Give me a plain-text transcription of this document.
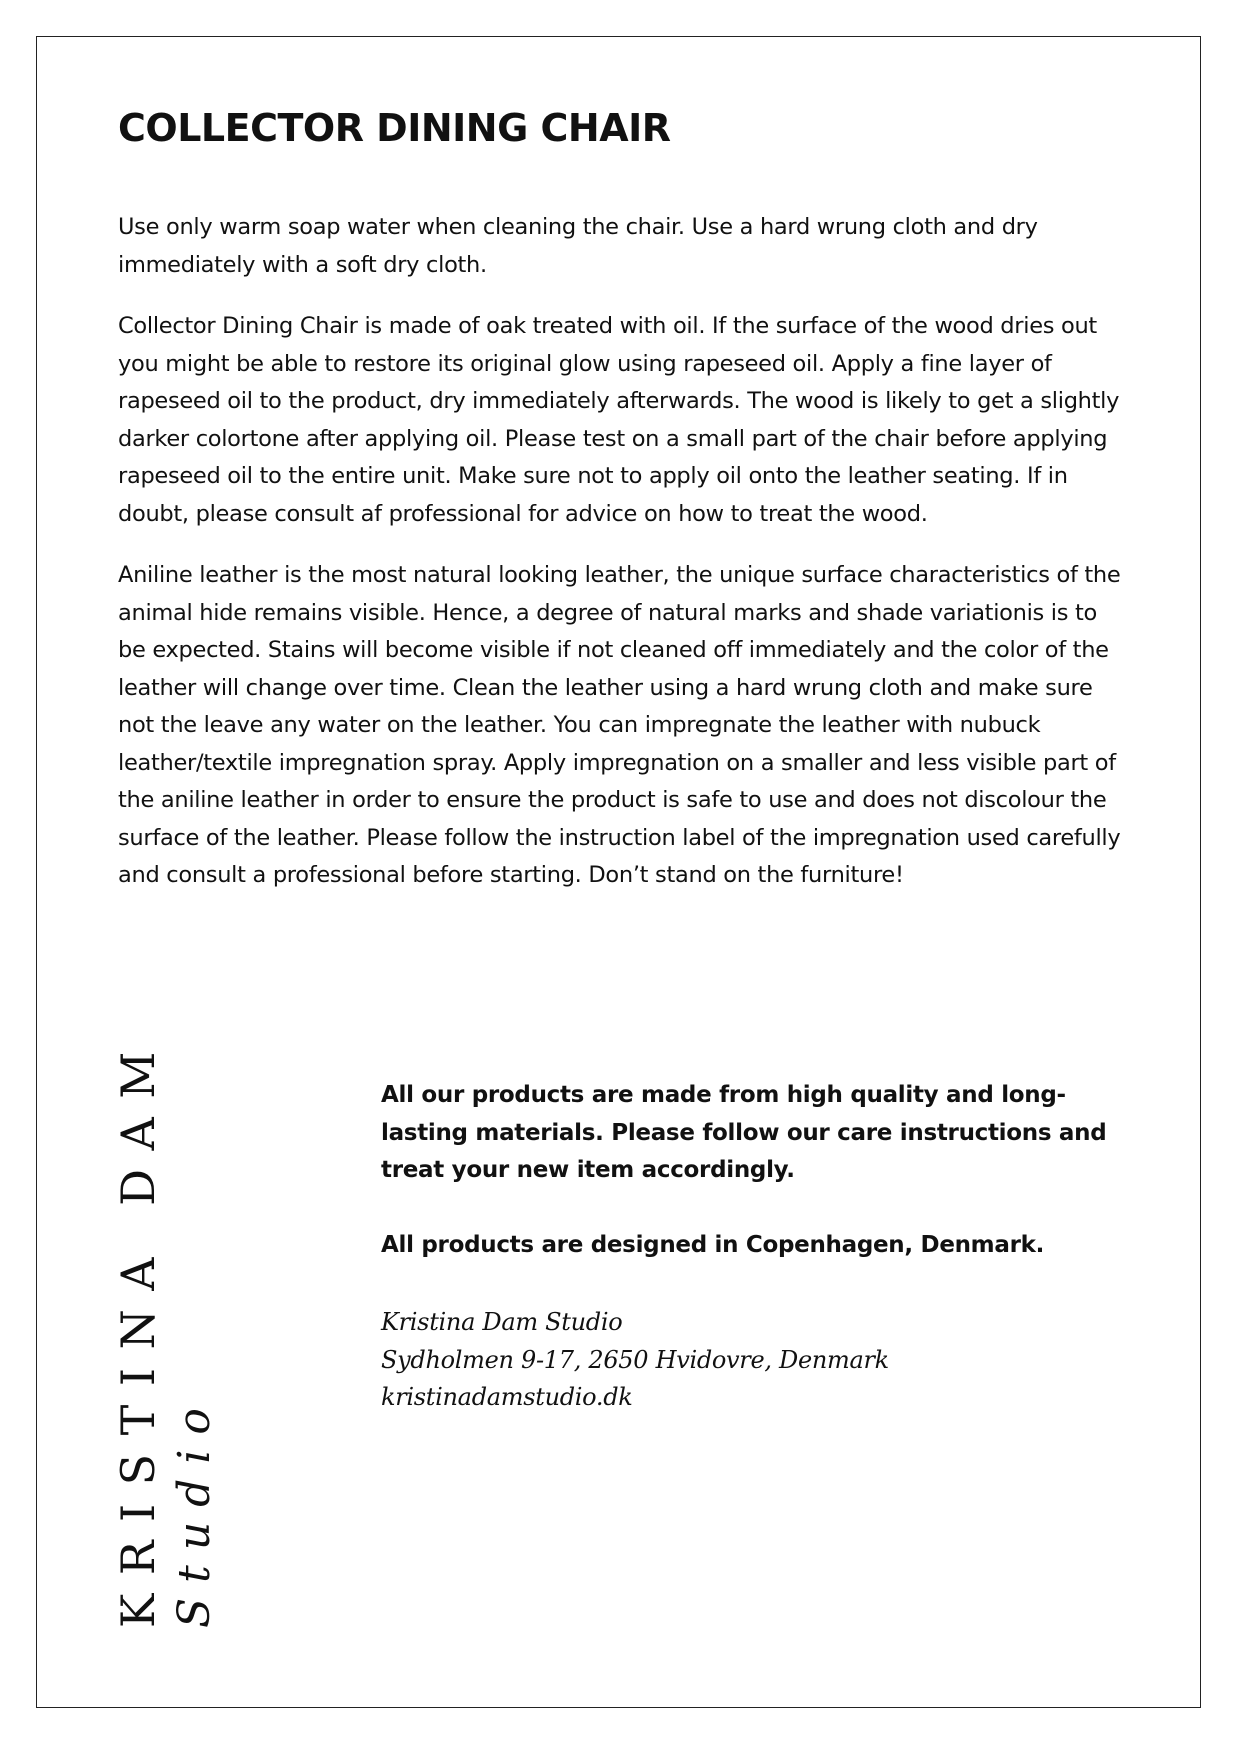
COLLECTOR DINING CHAIR

Use only warm soap water when cleaning the chair. Use a hard wrung cloth and dry immediately with a soft dry cloth.

Collector Dining Chair is made of oak treated with oil. If the surface of the wood dries out you might be able to restore its original glow using rapeseed oil. Apply a fine layer of rapeseed oil to the product, dry immediately afterwards. The wood is likely to get a slightly darker colortone after applying oil. Please test on a small part of the chair before applying rapeseed oil to the entire unit. Make sure not to apply oil onto the leather seating. If in doubt, please consult af professional for advice on how to treat the wood.

Aniline leather is the most natural looking leather, the unique surface characteristics of the animal hide remains visible. Hence, a degree of natural marks and shade variationis is to be expected. Stains will become visible if not cleaned off immediately and the color of the leather will change over time. Clean the leather using a hard wrung cloth and make sure not the leave any water on the leather. You can impregnate the leather with nubuck leather/textile impregnation spray. Apply impregnation on a smaller and less visible part of the aniline leather in order to ensure the product is safe to use and does not discolour the surface of the leather. Please follow the instruction label of the impregnation used carefully and consult a professional before starting. Don’t stand on the furniture!

KRISTINA DAM Studio

All our products are made from high quality and long-lasting materials. Please follow our care instructions and treat your new item accordingly.

All products are designed in Copenhagen, Denmark.

Kristina Dam Studio
Sydholmen 9-17, 2650 Hvidovre, Denmark
kristinadamstudio.dk
